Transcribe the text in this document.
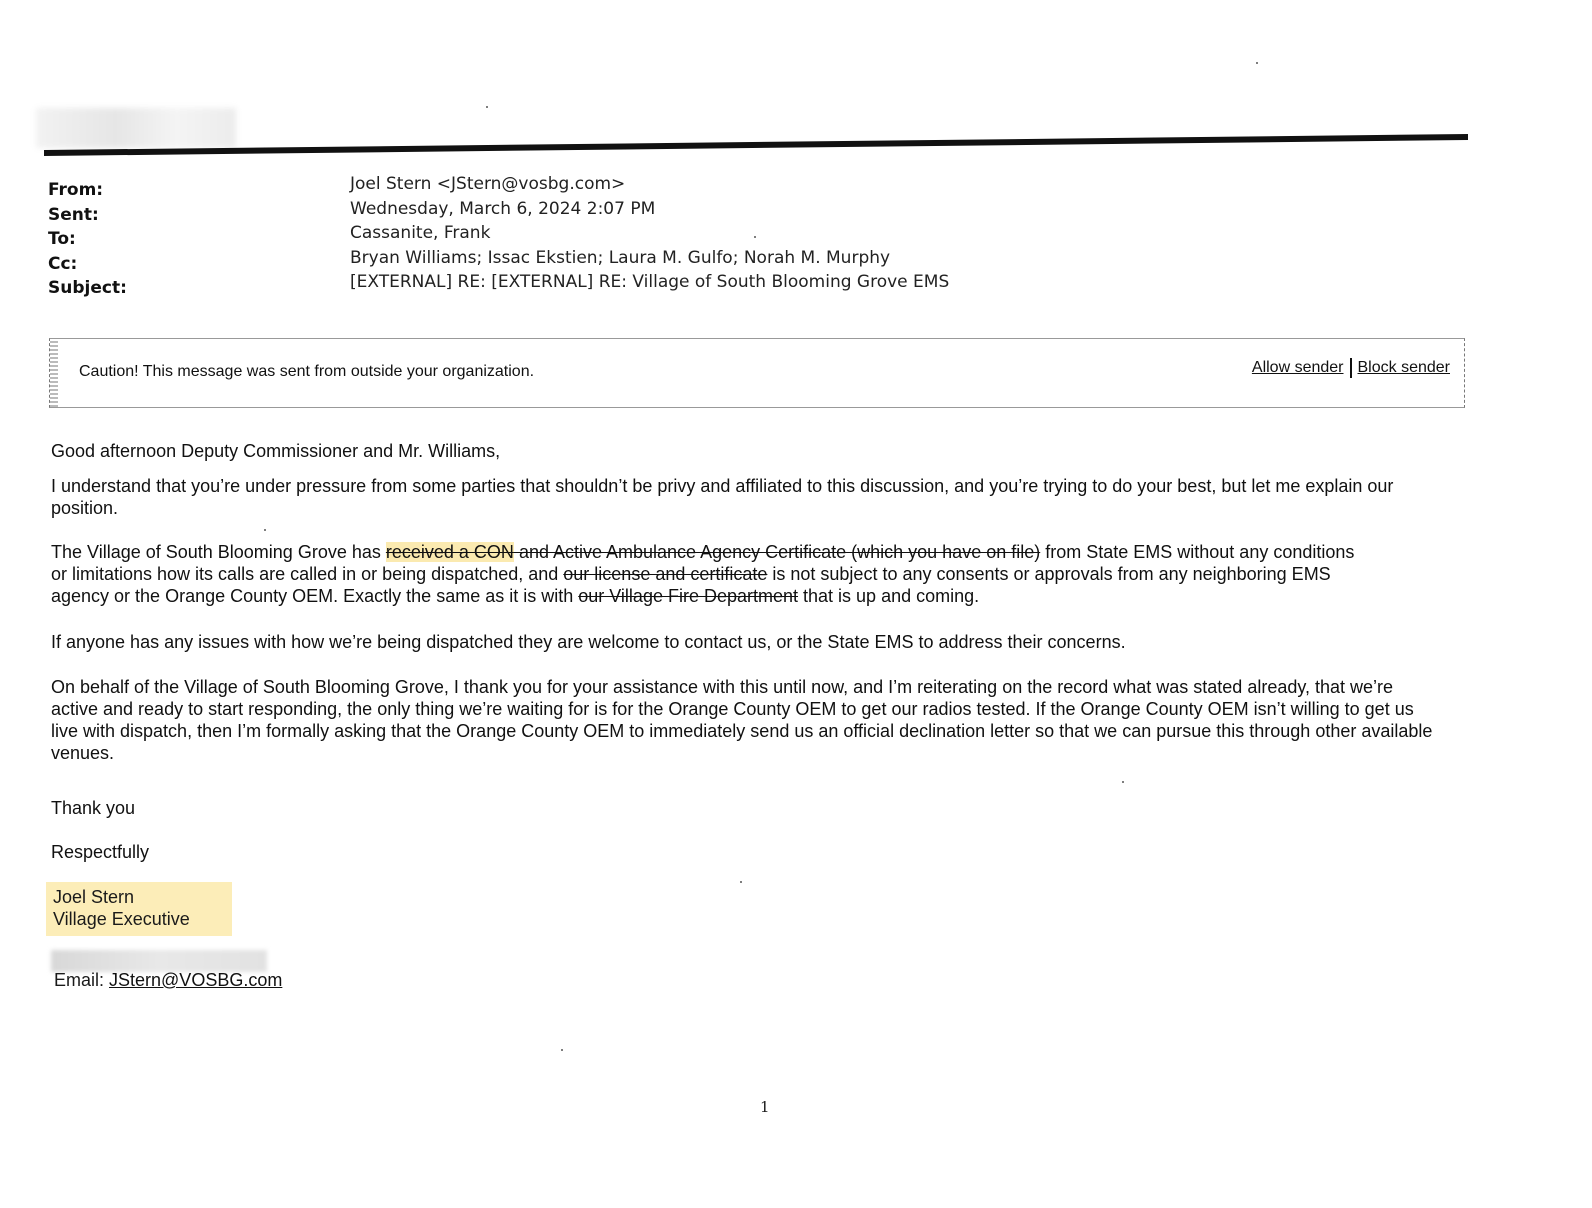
From:	Joel Stern <JStern@vosbg.com>
Sent:	Wednesday, March 6, 2024 2:07 PM
To:	Cassanite, Frank
Cc:	Bryan Williams; Issac Ekstien; Laura M. Gulfo; Norah M. Murphy
Subject:	[EXTERNAL] RE: [EXTERNAL] RE: Village of South Blooming Grove EMS
Caution! This message was sent from outside your organization.	Allow sender Block sender
Good afternoon Deputy Commissioner and Mr. Williams,
I understand that you’re under pressure from some parties that shouldn’t be privy and affiliated to this discussion, and you’re trying to do your best, but let me explain our position.
The Village of South Blooming Grove has received a CON and Active Ambulance Agency Certificate (which you have on file) from State EMS without any conditions or limitations how its calls are called in or being dispatched, and our license and certificate is not subject to any consents or approvals from any neighboring EMS agency or the Orange County OEM. Exactly the same as it is with our Village Fire Department that is up and coming.
If anyone has any issues with how we’re being dispatched they are welcome to contact us, or the State EMS to address their concerns.
On behalf of the Village of South Blooming Grove, I thank you for your assistance with this until now, and I’m reiterating on the record what was stated already, that we’re active and ready to start responding, the only thing we’re waiting for is for the Orange County OEM to get our radios tested. If the Orange County OEM isn’t willing to get us live with dispatch, then I’m formally asking that the Orange County OEM to immediately send us an official declination letter so that we can pursue this through other available venues.
Thank you
Respectfully
Joel Stern
Village Executive
Email: JStern@VOSBG.com
1
